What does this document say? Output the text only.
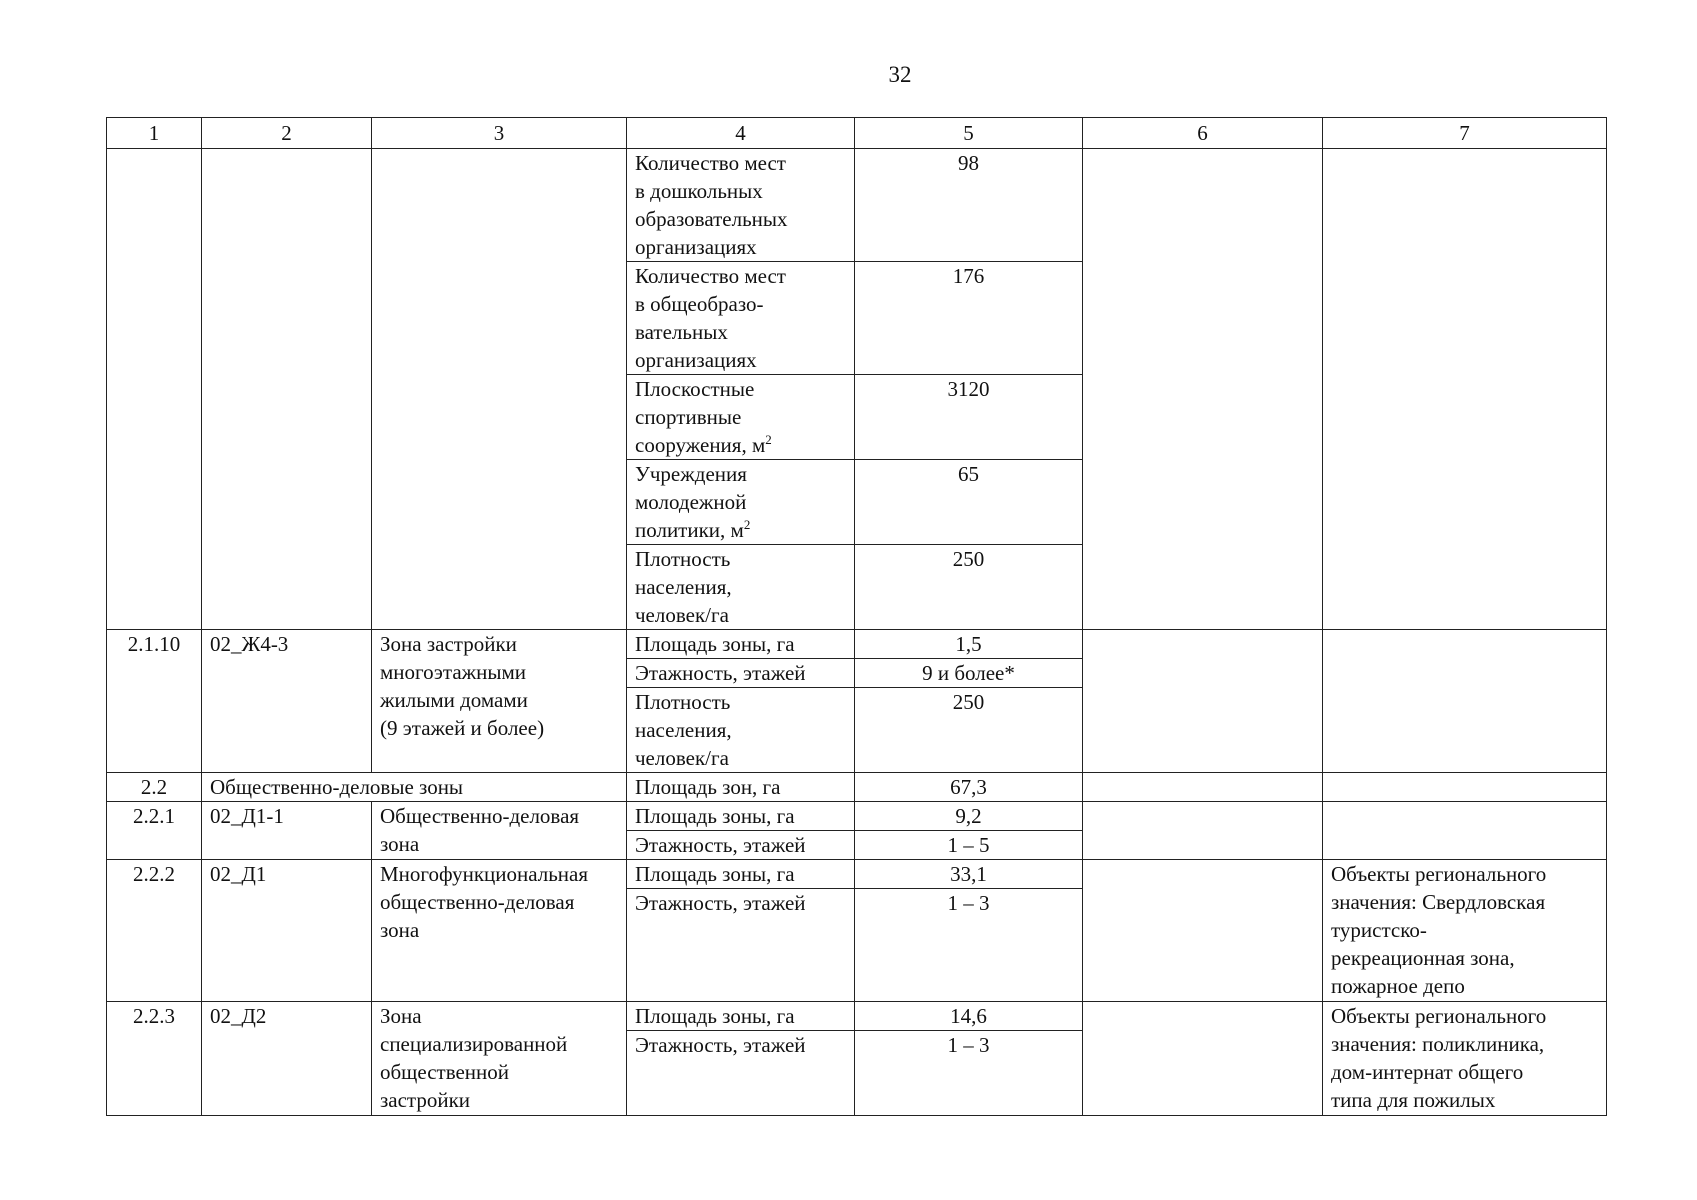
32
1	2	3	4	5	6	7
			Количество мест
в дошкольных
образовательных
организациях	98		
			Количество мест
в общеобразо-
вательных
организациях	176		
			Плоскостные
спортивные
сооружения, $м^2$	3120		
			Учреждения
молодежной
политики, $м^2$	65		
			Плотность
населения,
человек/га	250		
2.1.10	02_Ж4-3	Зона застройки
многоэтажными
жилыми домами
(9 этажей и более)	Площадь зоны, га	1,5		
			Этажность, этажей	9 и более*		
			Плотность
населения,
человек/га	250		
2.2	Общественно-деловые зоны		Площадь зон, га	67,3		
2.2.1	02_Д1-1	Общественно-деловая
зона	Площадь зоны, га	9,2		
			Этажность, этажей	1 – 5		
2.2.2	02_Д1	Многофункциональная
общественно-деловая
зона	Площадь зоны, га	33,1		Объекты регионального
значения: Свердловская
туристско-
рекреационная зона,
пожарное депо
			Этажность, этажей	1 – 3		
2.2.3	02_Д2	Зона
специализированной
общественной
застройки	Площадь зоны, га	14,6		Объекты регионального
значения: поликлиника,
дом-интернат общего
типа для пожилых
			Этажность, этажей	1 – 3		
